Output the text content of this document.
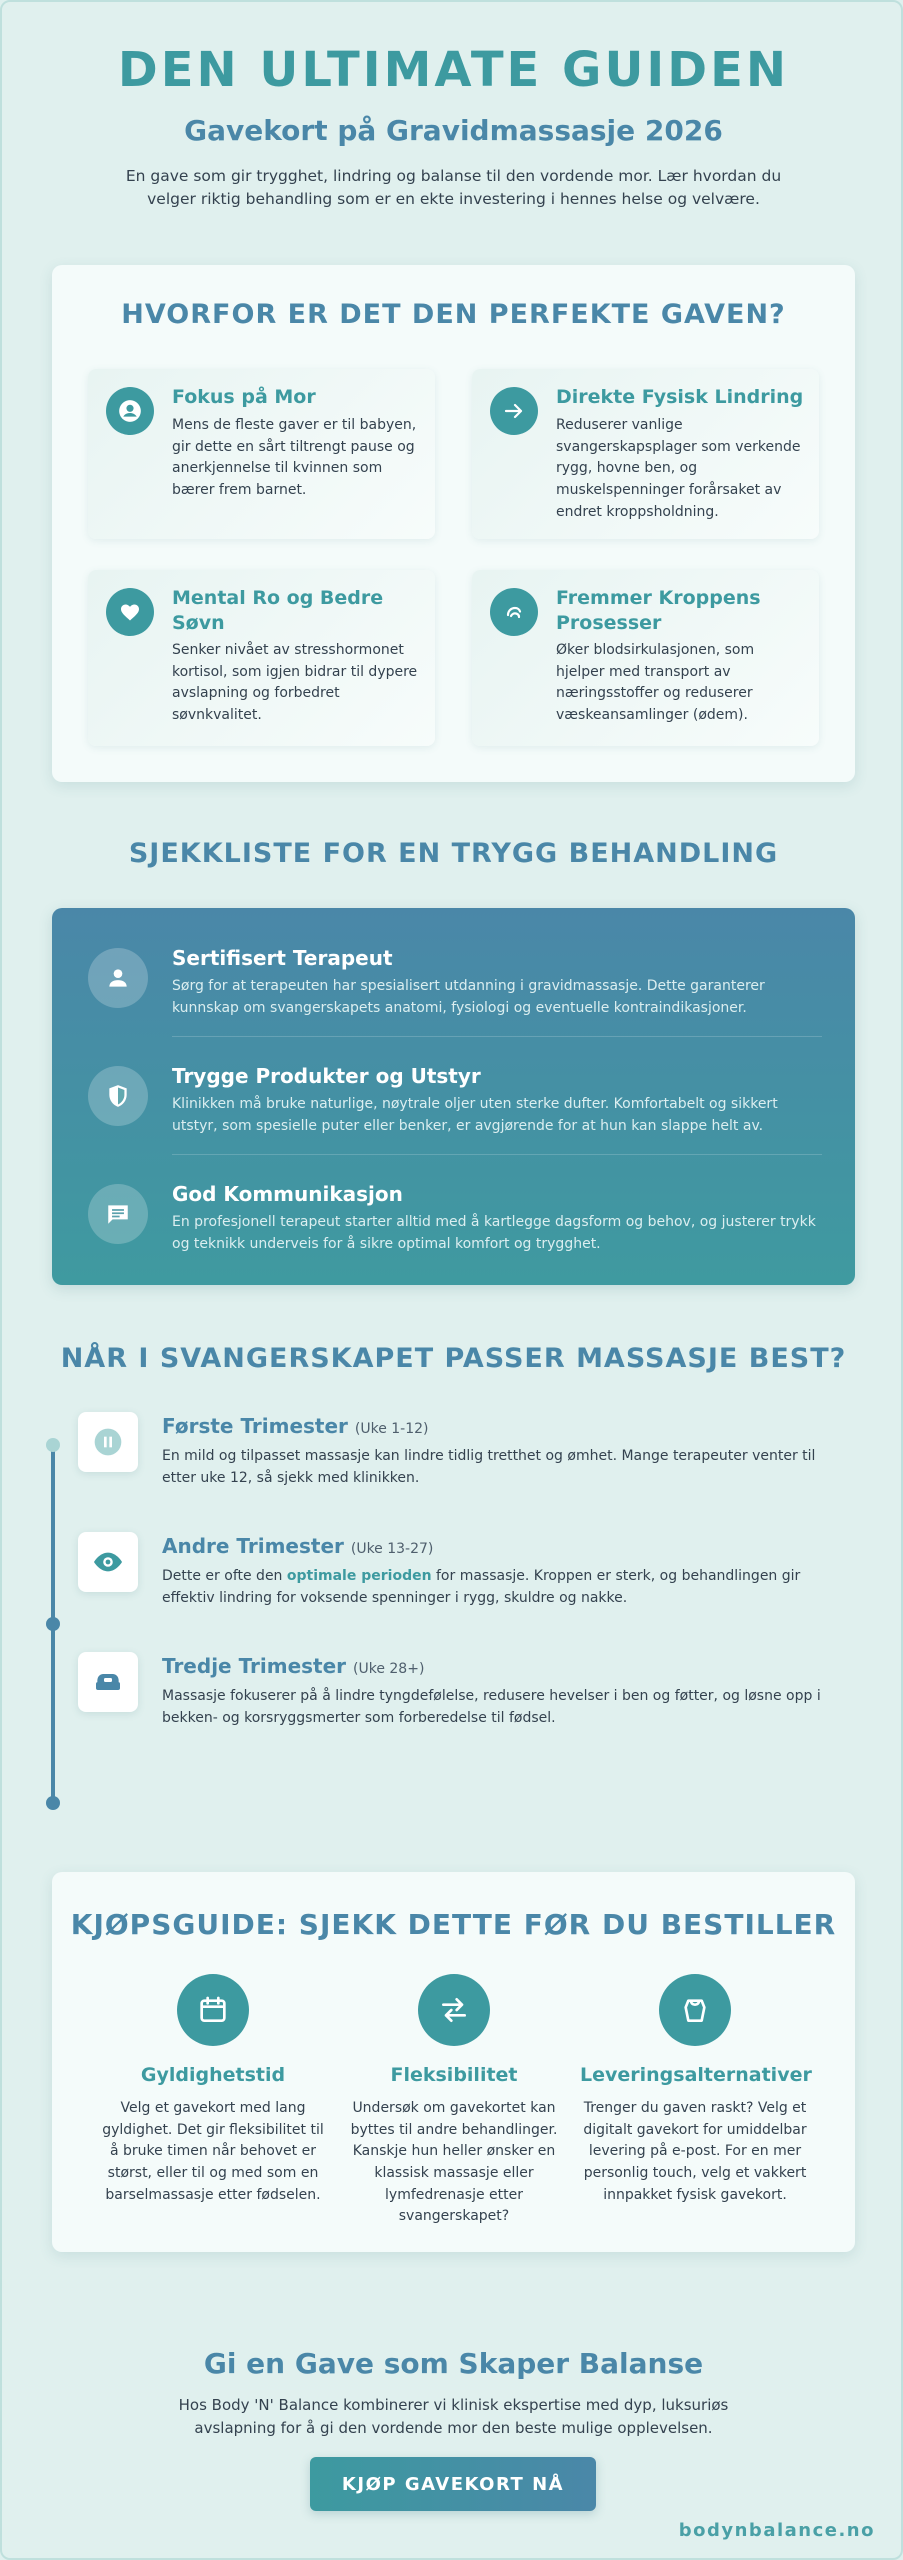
DEN ULTIMATE GUIDEN
Gavekort på Gravidmassasje 2026
En gave som gir trygghet, lindring og balanse til den vordende mor. Lær hvordan du velger riktig behandling som er en ekte investering i hennes helse og velvære.
HVORFOR ER DET DEN PERFEKTE GAVEN?
Fokus på Mor
Mens de fleste gaver er til babyen, gir dette en sårt tiltrengt pause og anerkjennelse til kvinnen som bærer frem barnet.
Direkte Fysisk Lindring
Reduserer vanlige svangerskapsplager som verkende rygg, hovne ben, og muskelspenninger forårsaket av endret kroppsholdning.
Mental Ro og Bedre Søvn
Senker nivået av stresshormonet kortisol, som igjen bidrar til dypere avslapning og forbedret søvnkvalitet.
Fremmer Kroppens Prosesser
Øker blodsirkulasjonen, som hjelper med transport av næringsstoffer og reduserer væskeansamlinger (ødem).
SJEKKLISTE FOR EN TRYGG BEHANDLING
Sertifisert Terapeut
Sørg for at terapeuten har spesialisert utdanning i gravidmassasje. Dette garanterer kunnskap om svangerskapets anatomi, fysiologi og eventuelle kontraindikasjoner.
Trygge Produkter og Utstyr
Klinikken må bruke naturlige, nøytrale oljer uten sterke dufter. Komfortabelt og sikkert utstyr, som spesielle puter eller benker, er avgjørende for at hun kan slappe helt av.
God Kommunikasjon
En profesjonell terapeut starter alltid med å kartlegge dagsform og behov, og justerer trykk og teknikk underveis for å sikre optimal komfort og trygghet.
NÅR I SVANGERSKAPET PASSER MASSASJE BEST?
Første Trimester (Uke 1-12)
En mild og tilpasset massasje kan lindre tidlig tretthet og ømhet. Mange terapeuter venter til etter uke 12, så sjekk med klinikken.
Andre Trimester (Uke 13-27)
Dette er ofte den optimale perioden for massasje. Kroppen er sterk, og behandlingen gir effektiv lindring for voksende spenninger i rygg, skuldre og nakke.
Tredje Trimester (Uke 28+)
Massasje fokuserer på å lindre tyngdefølelse, redusere hevelser i ben og føtter, og løsne opp i bekken- og korsryggsmerter som forberedelse til fødsel.
KJØPSGUIDE: SJEKK DETTE FØR DU BESTILLER
Gyldighetstid
Velg et gavekort med lang gyldighet. Det gir fleksibilitet til å bruke timen når behovet er størst, eller til og med som en barselmassasje etter fødselen.
Fleksibilitet
Undersøk om gavekortet kan byttes til andre behandlinger. Kanskje hun heller ønsker en klassisk massasje eller lymfedrenasje etter svangerskapet?
Leveringsalternativer
Trenger du gaven raskt? Velg et digitalt gavekort for umiddelbar levering på e-post. For en mer personlig touch, velg et vakkert innpakket fysisk gavekort.
Gi en Gave som Skaper Balanse
Hos Body 'N' Balance kombinerer vi klinisk ekspertise med dyp, luksuriøs avslapning for å gi den vordende mor den beste mulige opplevelsen.
KJØP GAVEKORT NÅ
bodynbalance.no
